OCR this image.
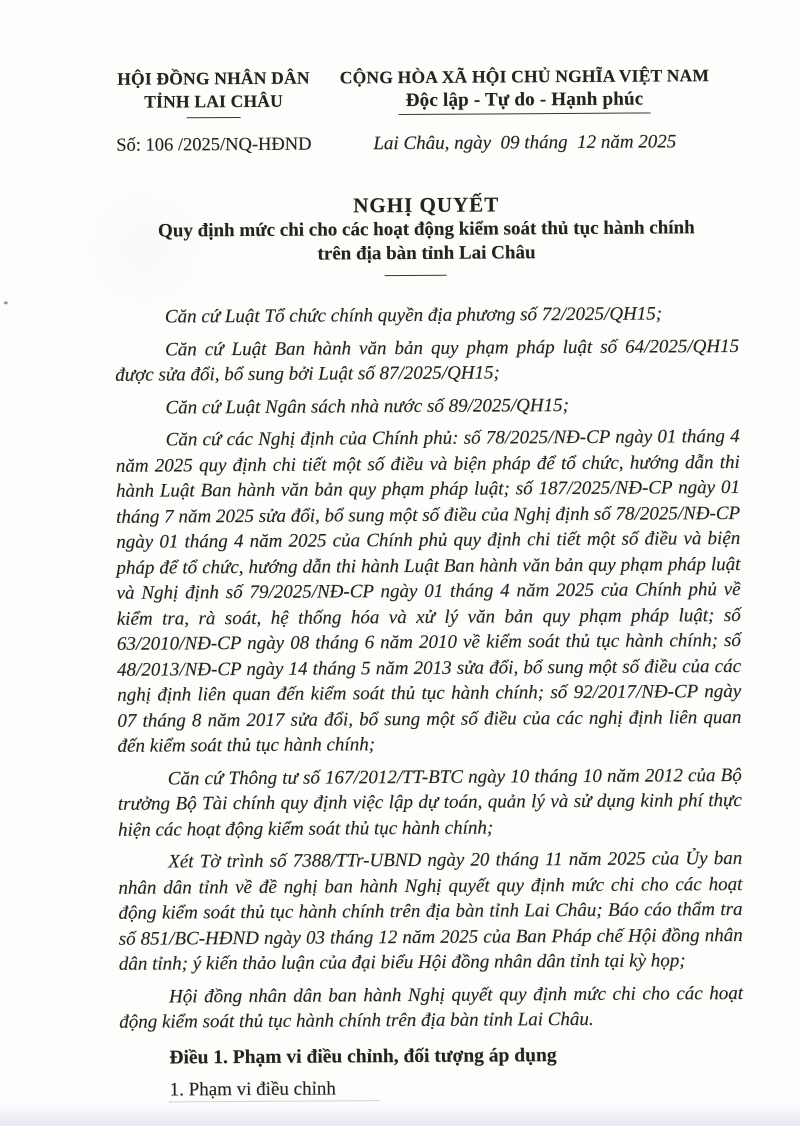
HỘI ĐỒNG NHÂN DÂN
TỈNH LAI CHÂU
Số: 106 /2025/NQ-HĐND
CỘNG HÒA XÃ HỘI CHỦ NGHĨA VIỆT NAM
Độc lập - Tự do - Hạnh phúc
Lai Châu, ngày  09 tháng  12 năm 2025
NGHỊ QUYẾT
Quy định mức chi cho các hoạt động kiểm soát thủ tục hành chính
trên địa bàn tỉnh Lai Châu

Căn cứ Luật Tổ chức chính quyền địa phương số 72/2025/QH15;

Căn cứ Luật Ban hành văn bản quy phạm pháp luật số 64/2025/QH15 được sửa đổi, bổ sung bởi Luật số 87/2025/QH15;

Căn cứ Luật Ngân sách nhà nước số 89/2025/QH15;

Căn cứ các Nghị định của Chính phủ: số 78/2025/NĐ-CP ngày 01 tháng 4 năm 2025 quy định chi tiết một số điều và biện pháp để tổ chức, hướng dẫn thi hành Luật Ban hành văn bản quy phạm pháp luật; số 187/2025/NĐ-CP ngày 01 tháng 7 năm 2025 sửa đổi, bổ sung một số điều của Nghị định số 78/2025/NĐ-CP ngày 01 tháng 4 năm 2025 của Chính phủ quy định chi tiết một số điều và biện pháp để tổ chức, hướng dẫn thi hành Luật Ban hành văn bản quy phạm pháp luật và Nghị định số 79/2025/NĐ-CP ngày 01 tháng 4 năm 2025 của Chính phủ về kiểm tra, rà soát, hệ thống hóa và xử lý văn bản quy phạm pháp luật; số 63/2010/NĐ-CP ngày 08 tháng 6 năm 2010 về kiểm soát thủ tục hành chính; số 48/2013/NĐ-CP ngày 14 tháng 5 năm 2013 sửa đổi, bổ sung một số điều của các nghị định liên quan đến kiểm soát thủ tục hành chính; số 92/2017/NĐ-CP ngày 07 tháng 8 năm 2017 sửa đổi, bổ sung một số điều của các nghị định liên quan đến kiểm soát thủ tục hành chính;

Căn cứ Thông tư số 167/2012/TT-BTC ngày 10 tháng 10 năm 2012 của Bộ trưởng Bộ Tài chính quy định việc lập dự toán, quản lý và sử dụng kinh phí thực hiện các hoạt động kiểm soát thủ tục hành chính;

Xét Tờ trình số 7388/TTr-UBND ngày 20 tháng 11 năm 2025 của Ủy ban nhân dân tỉnh về đề nghị ban hành Nghị quyết quy định mức chi cho các hoạt động kiểm soát thủ tục hành chính trên địa bàn tỉnh Lai Châu; Báo cáo thẩm tra số 851/BC-HĐND ngày 03 tháng 12 năm 2025 của Ban Pháp chế Hội đồng nhân dân tỉnh; ý kiến thảo luận của đại biểu Hội đồng nhân dân tỉnh tại kỳ họp;

Hội đồng nhân dân ban hành Nghị quyết quy định mức chi cho các hoạt động kiểm soát thủ tục hành chính trên địa bàn tỉnh Lai Châu.

Điều 1. Phạm vi điều chỉnh, đối tượng áp dụng

1. Phạm vi điều chỉnh
